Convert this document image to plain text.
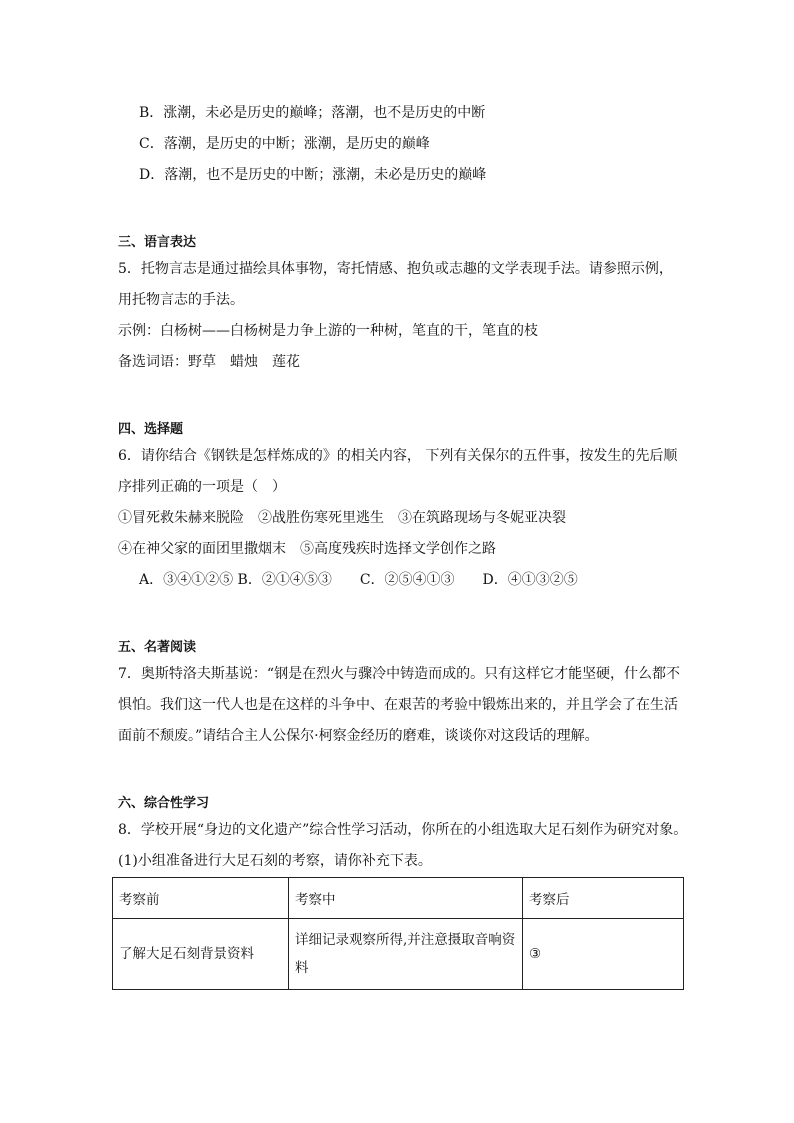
B．涨潮，未必是历史的巅峰；落潮，也不是历史的中断
C．落潮，是历史的中断；涨潮，是历史的巅峰
D．落潮，也不是历史的中断；涨潮，未必是历史的巅峰
三、语言表达
5．托物言志是通过描绘具体事物，寄托情感、抱负或志趣的文学表现手法。请参照示例，
用托物言志的手法。
示例：白杨树——白杨树是力争上游的一种树，笔直的干，笔直的枝
备选词语：野草　蜡烛　莲花
四、选择题
6．请你结合《钢铁是怎样炼成的》的相关内容， 下列有关保尔的五件事，按发生的先后顺
序排列正确的一项是（　）
①冒死救朱赫来脱险　②战胜伤寒死里逃生　③在筑路现场与冬妮亚决裂
④在神父家的面团里撒烟末　⑤高度残疾时选择文学创作之路
A．③④①②⑤ B．②①④⑤③　　C．②⑤④①③　　D．④①③②⑤
五、名著阅读
7．奥斯特洛夫斯基说：“钢是在烈火与骤冷中铸造而成的。只有这样它才能坚硬，什么都不
惧怕。我们这一代人也是在这样的斗争中、在艰苦的考验中锻炼出来的，并且学会了在生活
面前不颓废。”请结合主人公保尔·柯察金经历的磨难，谈谈你对这段话的理解。
六、综合性学习
8．学校开展“身边的文化遗产”综合性学习活动，你所在的小组选取大足石刻作为研究对象。
(1)小组准备进行大足石刻的考察，请你补充下表。
考察前	考察中	考察后
了解大足石刻背景资料	详细记录观察所得,并注意摄取音响资料	③
